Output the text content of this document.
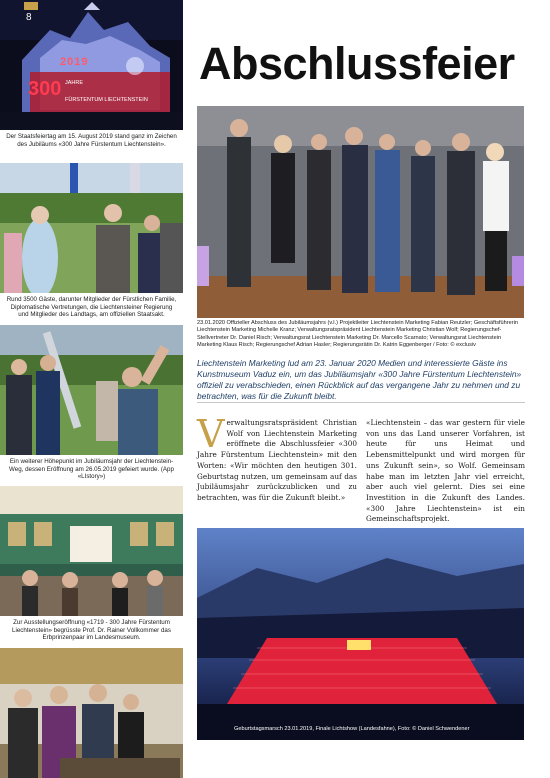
8
2019
300 JAHRE
FÜRSTENTUM LIECHTENSTEIN
Der Staatsfeiertag am 15. August 2019 stand ganz im Zeichen des Jubiläums «300 Jahre Fürstentum Liechtenstein».
Rund 3500 Gäste, darunter Mitglieder der Fürstlichen Familie, Diplomatische Vertretungen, die Liechtensteiner Regierung und Mitglieder des Landtags, am offiziellen Staatsakt.
Ein weiterer Höhepunkt im Jubiläumsjahr der Liechtenstein-Weg, dessen Eröffnung am 26.05.2019 gefeiert wurde. (App «LIstory»)
Zur Ausstellungseröffnung «1719 - 300 Jahre Fürstentum Liechtenstein» begrüsste Prof. Dr. Rainer Vollkommer das Erbprinzenpaar im Landesmuseum.
Abschlussfeier
23.01.2020 Offizieller Abschluss des Jubiläumsjahrs (v.l.) Projektleiter Liechtenstein Marketing Fabian Reutzler; Geschäftsführerin Liechtenstein Marketing Michelle Kranz; Verwaltungsratspräsident Liechtenstein Marketing Christian Wolf; Regierungschef-Stellvertreter Dr. Daniel Risch; Verwaltungsrat Liechtenstein Marketing Dr. Marcello Scarnato; Verwaltungsrat Liechtenstein Marketing Klaus Risch; Regierungschef Adrian Hasler; Regierungsrätin Dr. Katrin Eggenberger / Foto: © exclusiv
Liechtenstein Marketing lud am 23. Januar 2020 Medien und interessierte Gäste ins Kunstmuseum Vaduz ein, um das Jubiläumsjahr «300 Jahre Fürstentum Liechtenstein» offiziell zu verabschieden, einen Rückblick auf das vergangene Jahr zu nehmen und zu betrachten, was für die Zukunft bleibt.

Verwaltungsratspräsident Christian Wolf von Liechtenstein Marketing eröffnete die Abschlussfeier «300 Jahre Fürstentum Liechtenstein» mit den Worten: «Wir möchten den heutigen 301. Geburtstag nutzen, um gemeinsam auf das Jubiläumsjahr zurückzublicken und zu betrachten, was für die Zukunft bleibt.»

«Liechtenstein – das war gestern für viele von uns das Land unserer Vorfahren, ist heute für uns Heimat und Lebensmittelpunkt und wird morgen für uns Zukunft sein», so Wolf. Gemeinsam habe man im letzten Jahr viel erreicht, aber auch viel gelernt. Dies sei eine Investition in die Zukunft des Landes. «300 Jahre Liechtenstein» ist ein Gemeinschaftsprojekt.

Geburtstagsmarsch 23.01.2019, Finale Lichtshow (Landesfahne), Foto: © Daniel Schwendener
